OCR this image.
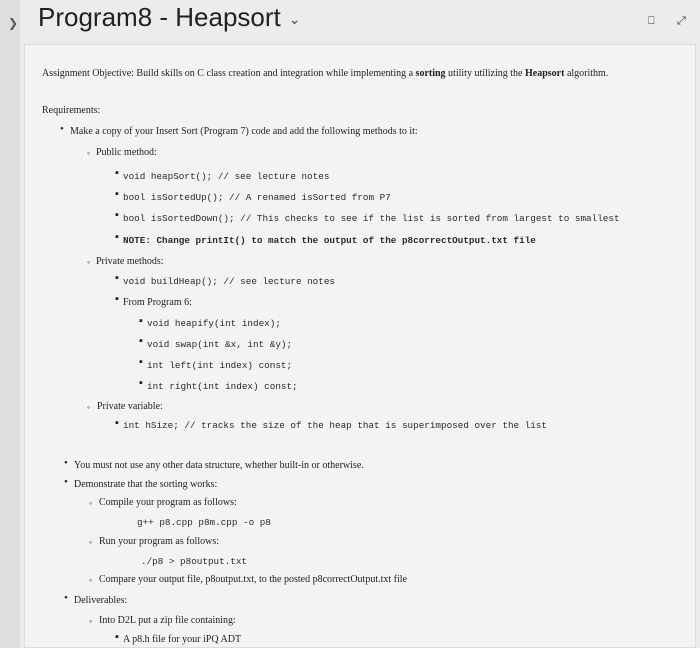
❯ Program8 - Heapsort ⌄	⎕ ⤢
Assignment Objective: Build skills on C class creation and integration while implementing a sorting utility utilizing the Heapsort algorithm.
Requirements:
• Make a copy of your Insert Sort (Program 7) code and add the following methods to it:
◦ Public method:
▪ void heapSort(); // see lecture notes
▪ bool isSortedUp(); // A renamed isSorted from P7
▪ bool isSortedDown(); // This checks to see if the list is sorted from largest to smallest
▪ NOTE: Change printIt() to match the output of the p8correctOutput.txt file
◦ Private methods:
▪ void buildHeap(); // see lecture notes
▪ From Program 6:
▪ void heapify(int index);
▪ void swap(int &x, int &y);
▪ int left(int index) const;
▪ int right(int index) const;
◦ Private variable:
▪ int hSize; // tracks the size of the heap that is superimposed over the list
• You must not use any other data structure, whether built-in or otherwise.
• Demonstrate that the sorting works:
◦ Compile your program as follows:
g++ p8.cpp p8m.cpp -o p8
◦ Run your program as follows:
./p8 > p8output.txt
◦ Compare your output file, p8output.txt, to the posted p8correctOutput.txt file
• Deliverables:
◦ Into D2L put a zip file containing:
▪ A p8.h file for your iPQ ADT
